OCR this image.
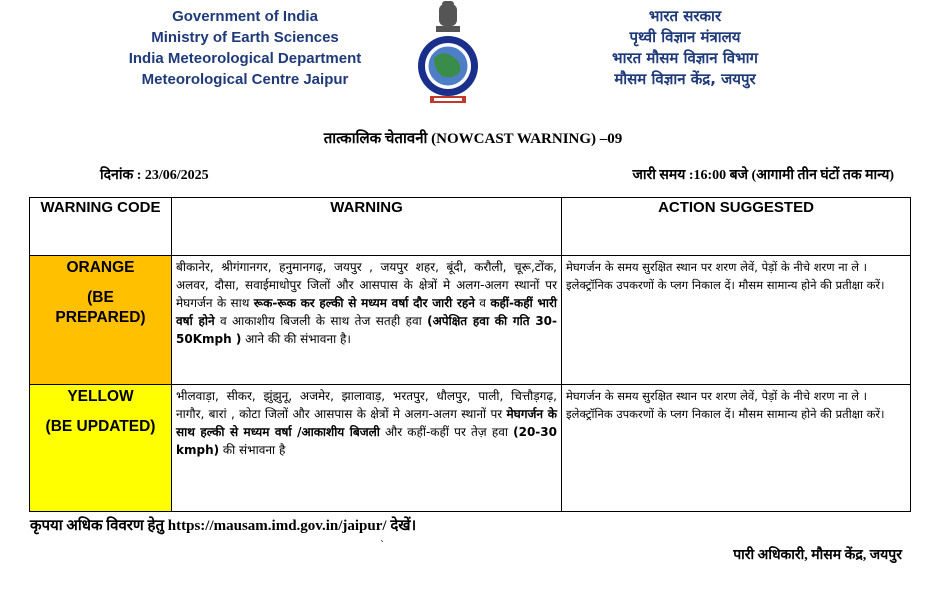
Government of India
Ministry of Earth Sciences
India Meteorological Department
Meteorological Centre Jaipur
भारत सरकार
पृथ्वी विज्ञान मंत्रालय
भारत मौसम विज्ञान विभाग
मौसम विज्ञान केंद्र, जयपुर
तात्कालिक चेतावनी (NOWCAST WARNING) –09
दिनांक : 23/06/2025	जारी समय :16:00 बजे (आगामी तीन घंटों तक मान्य)
WARNING CODE	WARNING	ACTION SUGGESTED

ORANGE
(BE PREPARED)	बीकानेर, श्रीगंगानगर, हनुमानगढ़, जयपुर , जयपुर शहर, बूंदी, करौली, चूरू,टोंक, अलवर, दौसा, सवाईमाधोपुर जिलों और आसपास के क्षेत्रों मे अलग-अलग स्थानों पर मेघगर्जन के साथ रूक-रूक कर हल्की से मध्यम वर्षा दौर जारी रहने व कहीं-कहीं भारी वर्षा होने व आकाशीय बिजली के साथ तेज सतही हवा (अपेक्षित हवा की गति 30-50Kmph ) आने की की संभावना है।	मेघगर्जन के समय सुरक्षित स्थान पर शरण लेवें, पेड़ों के नीचे शरण ना ले । इलेक्ट्रॉनिक उपकरणों के प्लग निकाल दें। मौसम सामान्य होने की प्रतीक्षा करें।

YELLOW
(BE UPDATED)	भीलवाड़ा, सीकर, झुंझुनू, अजमेर, झालावाड़, भरतपुर, धौलपुर, पाली, चित्तौड़गढ़, नागौर, बारां , कोटा जिलों और आसपास के क्षेत्रों मे अलग-अलग स्थानों पर मेघगर्जन के साथ हल्की से मध्यम वर्षा /आकाशीय बिजली और कहीं-कहीं पर तेज़ हवा (20-30 kmph) की संभावना है	मेघगर्जन के समय सुरक्षित स्थान पर शरण लेवें, पेड़ों के नीचे शरण ना ले । इलेक्ट्रॉनिक उपकरणों के प्लग निकाल दें। मौसम सामान्य होने की प्रतीक्षा करें।
कृपया अधिक विवरण हेतु https://mausam.imd.gov.in/jaipur/ देखें।
`
पारी अधिकारी, मौसम केंद्र, जयपुर
